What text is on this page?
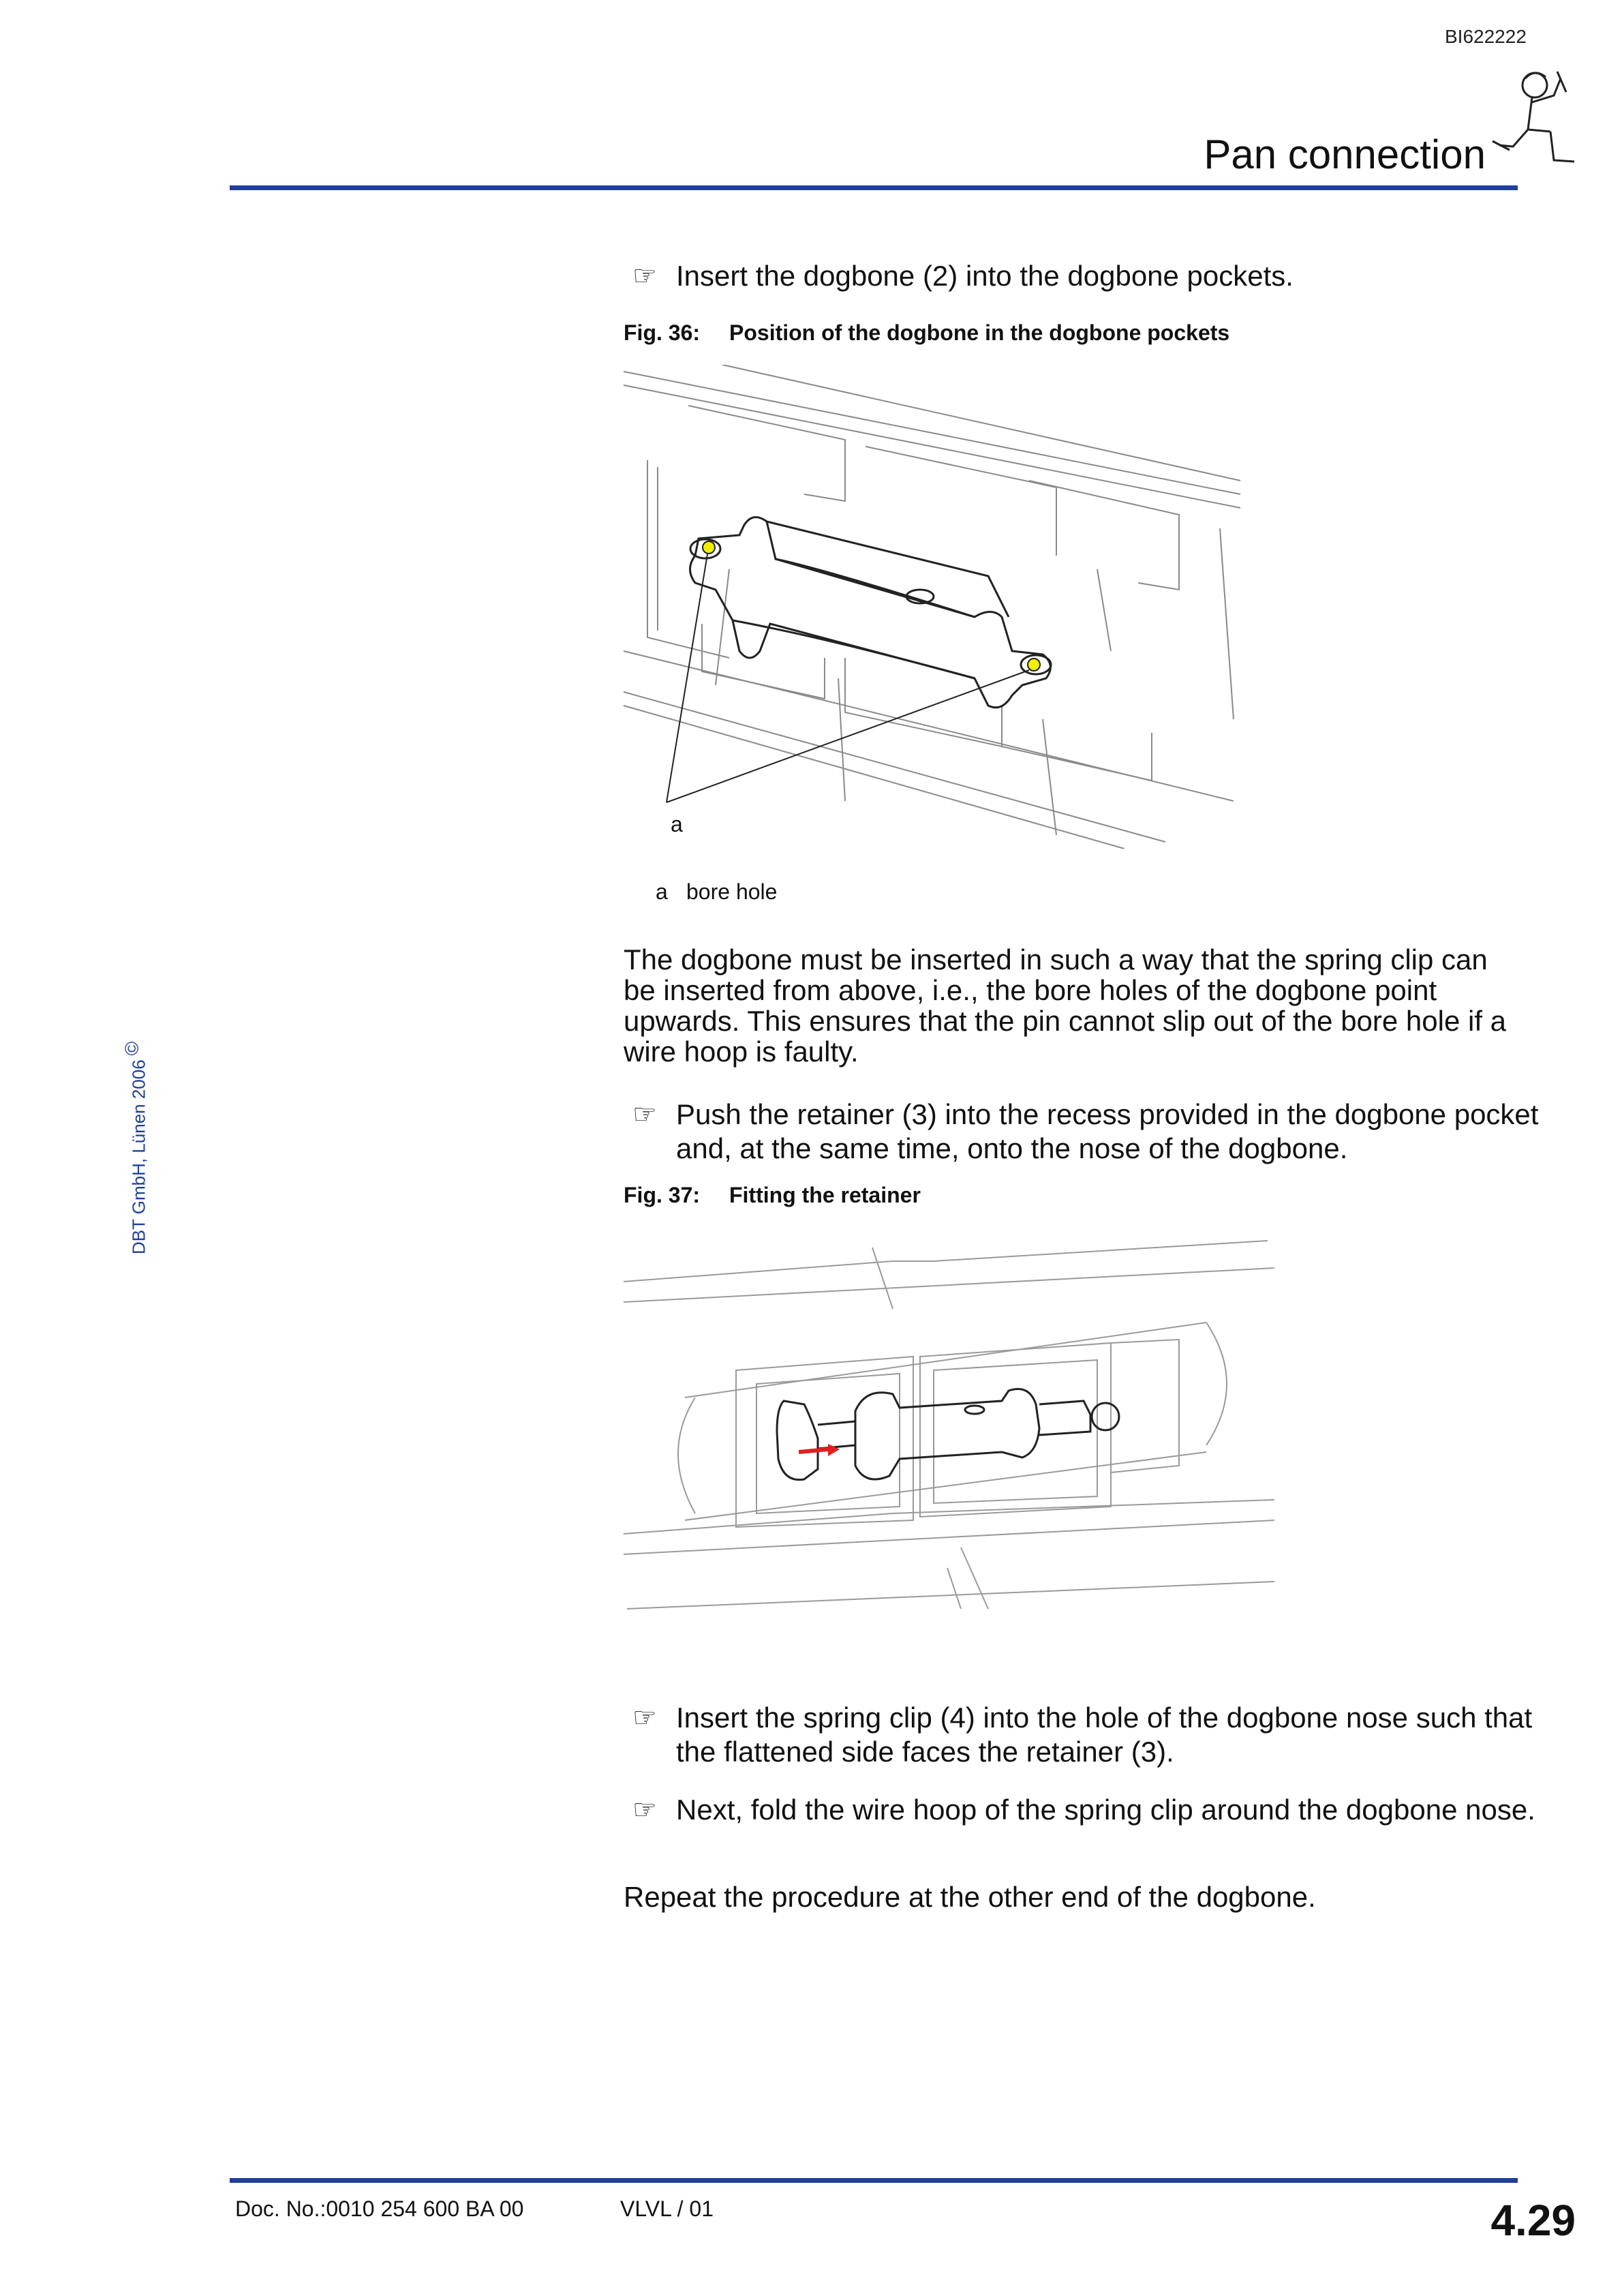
BI622222
Pan connection
DBT GmbH, Lünen 2006©
☞ Insert the dogbone (2) into the dogbone pockets.
Fig. 36: Position of the dogbone in the dogbone pockets
a
a bore hole
The dogbone must be inserted in such a way that the spring clip can be inserted from above, i.e., the bore holes of the dogbone point upwards. This ensures that the pin cannot slip out of the bore hole if a wire hoop is faulty.
☞ Push the retainer (3) into the recess provided in the dogbone pocket and, at the same time, onto the nose of the dogbone.
Fig. 37: Fitting the retainer
☞ Insert the spring clip (4) into the hole of the dogbone nose such that the flattened side faces the retainer (3).
☞ Next, fold the wire hoop of the spring clip around the dogbone nose.
Repeat the procedure at the other end of the dogbone.
Doc. No.:0010 254 600 BA 00	VLVL / 01	4.29
